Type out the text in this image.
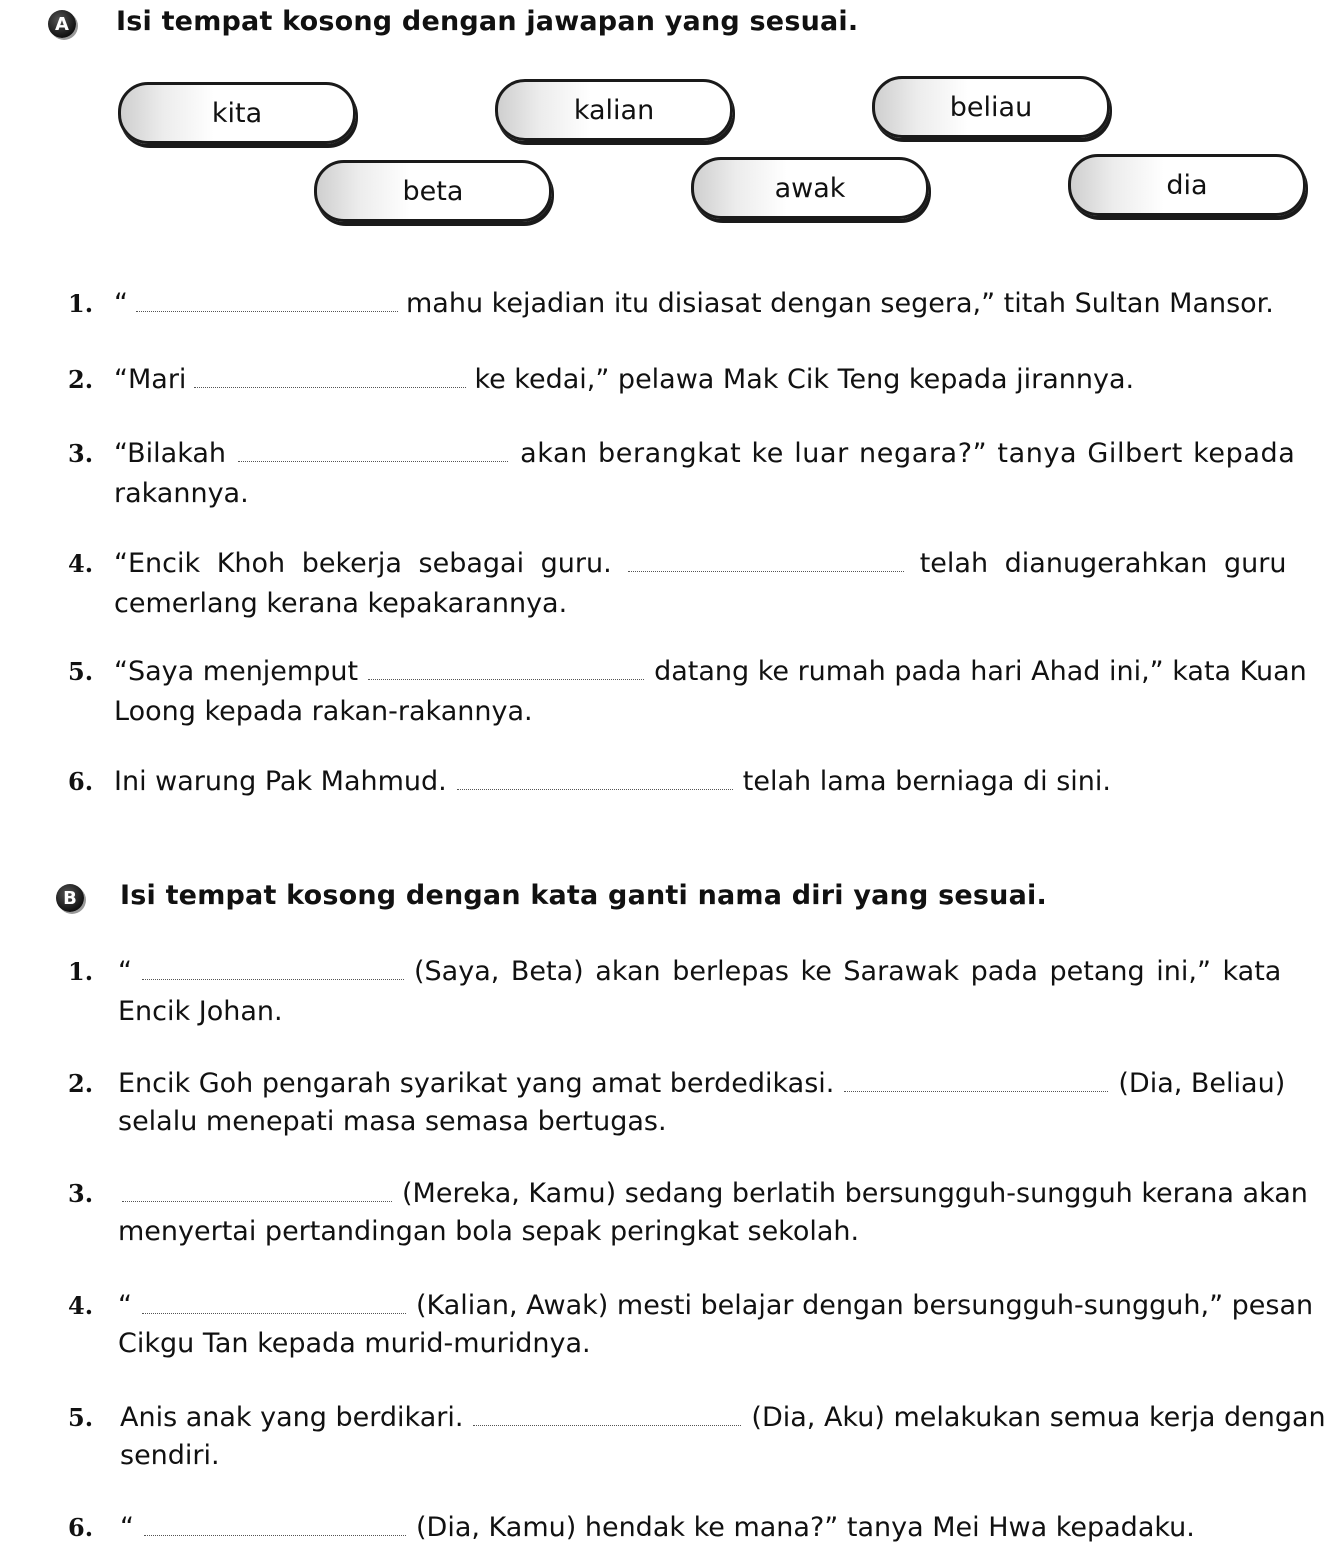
A Isi tempat kosong dengan jawapan yang sesuai.
kita	kalian	beliau
beta	awak	dia
1. “	mahu kejadian itu disiasat dengan segera,” titah Sultan Mansor.
2. “Mari	ke kedai,” pelawa Mak Cik Teng kepada jirannya.
3. “Bilakah	akan berangkat ke luar negara?” tanya Gilbert kepada
rakannya.
4. “Encik Khoh bekerja sebagai guru.	telah dianugerahkan guru
cemerlang kerana kepakarannya.
5. “Saya menjemput	datang ke rumah pada hari Ahad ini,” kata Kuan
Loong kepada rakan-rakannya.
6. Ini warung Pak Mahmud.	telah lama berniaga di sini.
B Isi tempat kosong dengan kata ganti nama diri yang sesuai.
1. “	(Saya, Beta) akan berlepas ke Sarawak pada petang ini,” kata
Encik Johan.
2. Encik Goh pengarah syarikat yang amat berdedikasi.	(Dia, Beliau)
selalu menepati masa semasa bertugas.
3.	(Mereka, Kamu) sedang berlatih bersungguh-sungguh kerana akan
menyertai pertandingan bola sepak peringkat sekolah.
4. “	(Kalian, Awak) mesti belajar dengan bersungguh-sungguh,” pesan
Cikgu Tan kepada murid-muridnya.
5. Anis anak yang berdikari.	(Dia, Aku) melakukan semua kerja dengan
sendiri.
6. “	(Dia, Kamu) hendak ke mana?” tanya Mei Hwa kepadaku.
